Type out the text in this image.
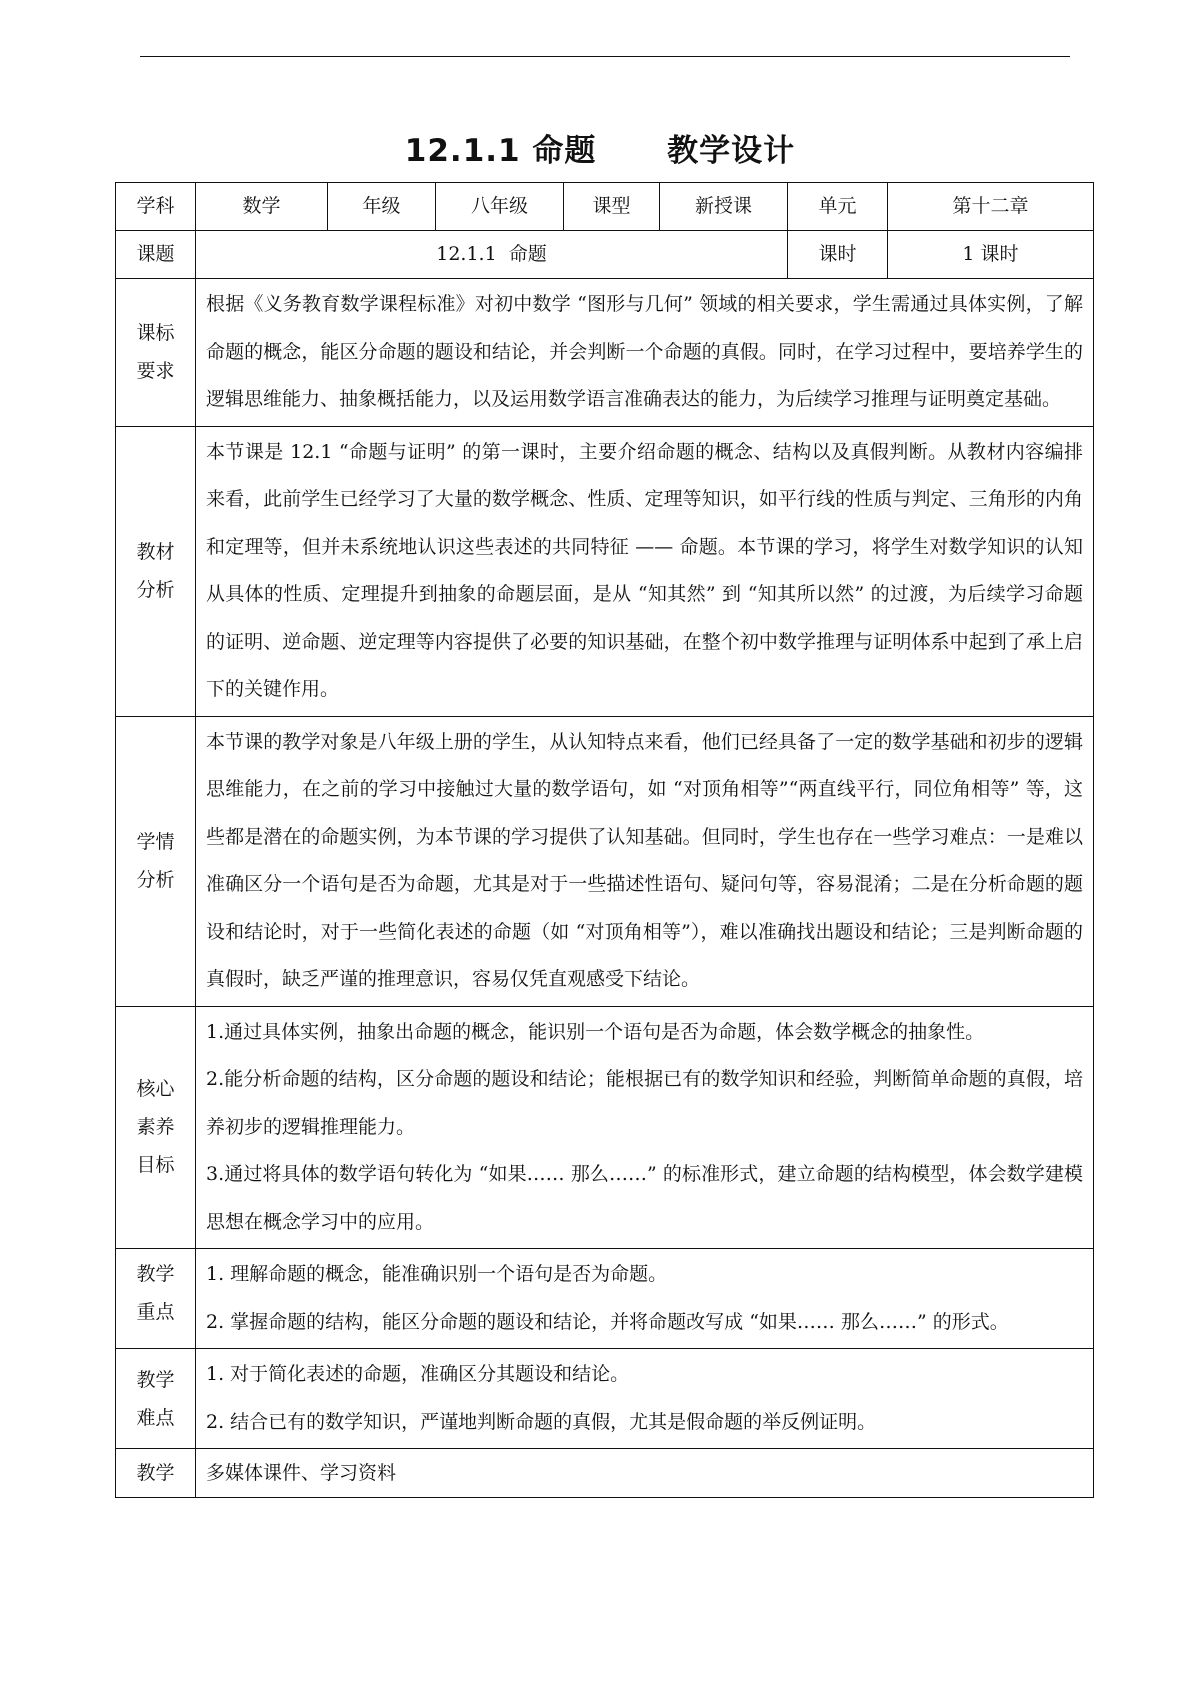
12.1.1 命题      教学设计
学科	数学	年级	八年级	课型	新授课	单元	第十二章
课题	12.1.1  命题					课时	1 课时

课标
要求	根据《义务教育数学课程标准》对初中数学 “图形与几何” 领域的相关要求，学生需通过具体实例，了解命题的概念，能区分命题的题设和结论，并会判断一个命题的真假。同时，在学习过程中，要培养学生的逻辑思维能力、抽象概括能力，以及运用数学语言准确表达的能力，为后续学习推理与证明奠定基础。						

教材
分析	本节课是 12.1 “命题与证明” 的第一课时，主要介绍命题的概念、结构以及真假判断。从教材内容编排来看，此前学生已经学习了大量的数学概念、性质、定理等知识，如平行线的性质与判定、三角形的内角和定理等，但并未系统地认识这些表述的共同特征 —— 命题。本节课的学习，将学生对数学知识的认知从具体的性质、定理提升到抽象的命题层面，是从 “知其然” 到 “知其所以然” 的过渡，为后续学习命题的证明、逆命题、逆定理等内容提供了必要的知识基础，在整个初中数学推理与证明体系中起到了承上启下的关键作用。						

学情
分析	本节课的教学对象是八年级上册的学生，从认知特点来看，他们已经具备了一定的数学基础和初步的逻辑思维能力，在之前的学习中接触过大量的数学语句，如 “对顶角相等”“两直线平行，同位角相等” 等，这些都是潜在的命题实例，为本节课的学习提供了认知基础。但同时，学生也存在一些学习难点：一是难以准确区分一个语句是否为命题，尤其是对于一些描述性语句、疑问句等，容易混淆；二是在分析命题的题设和结论时，对于一些简化表述的命题（如 “对顶角相等”），难以准确找出题设和结论；三是判断命题的真假时，缺乏严谨的推理意识，容易仅凭直观感受下结论。						

核心
素养
目标	1.通过具体实例，抽象出命题的概念，能识别一个语句是否为命题，体会数学概念的抽象性。
2.能分析命题的结构，区分命题的题设和结论；能根据已有的数学知识和经验，判断简单命题的真假，培养初步的逻辑推理能力。
3.通过将具体的数学语句转化为 “如果…… 那么……” 的标准形式，建立命题的结构模型，体会数学建模思想在概念学习中的应用。						

教学
重点	1. 理解命题的概念，能准确识别一个语句是否为命题。
2. 掌握命题的结构，能区分命题的题设和结论，并将命题改写成 “如果…… 那么……” 的形式。						

教学
难点	1. 对于简化表述的命题，准确区分其题设和结论。
2. 结合已有的数学知识，严谨地判断命题的真假，尤其是假命题的举反例证明。						

教学	多媒体课件、学习资料						
